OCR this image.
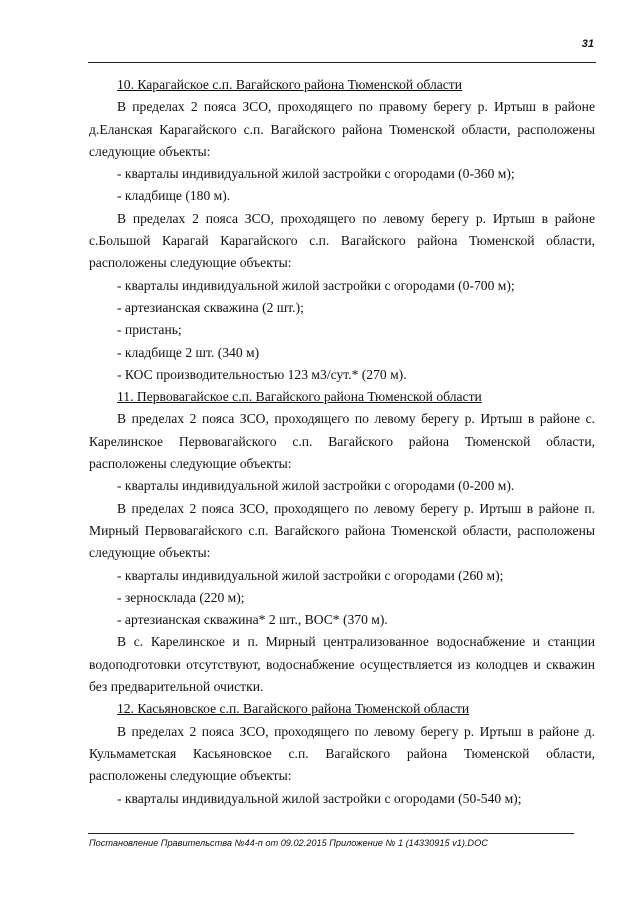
31

10. Карагайское с.п. Вагайского района Тюменской области

В пределах 2 пояса ЗСО, проходящего по правому берегу р. Иртыш в районе д.Еланская Карагайского с.п. Вагайского района Тюменской области, расположены следующие объекты:

- кварталы индивидуальной жилой застройки с огородами (0-360 м);

- кладбище (180 м).

В пределах 2 пояса ЗСО, проходящего по левому берегу р. Иртыш в районе с.Большой Карагай Карагайского с.п. Вагайского района Тюменской области, расположены следующие объекты:

- кварталы индивидуальной жилой застройки с огородами (0-700 м);

- артезианская скважина (2 шт.);

- пристань;

- кладбище 2 шт. (340 м)

- КОС производительностью 123 м3/сут.* (270 м).

11. Первовагайское с.п. Вагайского района Тюменской области

В пределах 2 пояса ЗСО, проходящего по левому берегу р. Иртыш в районе с. Карелинское Первовагайского с.п. Вагайского района Тюменской области, расположены следующие объекты:

- кварталы индивидуальной жилой застройки с огородами (0-200 м).

В пределах 2 пояса ЗСО, проходящего по левому берегу р. Иртыш в районе п. Мирный Первовагайского с.п. Вагайского района Тюменской области, расположены следующие объекты:

- кварталы индивидуальной жилой застройки с огородами (260 м);

- зерносклада (220 м);

- артезианская скважина* 2 шт., ВОС* (370 м).

В с. Карелинское и п. Мирный централизованное водоснабжение и станции водоподготовки отсутствуют, водоснабжение осуществляется из колодцев и скважин без предварительной очистки.

12. Касьяновское с.п. Вагайского района Тюменской области

В пределах 2 пояса ЗСО, проходящего по левому берегу р. Иртыш в районе д. Кульмаметская Касьяновское с.п. Вагайского района Тюменской области, расположены следующие объекты:

- кварталы индивидуальной жилой застройки с огородами (50-540 м);

Постановление Правительства №44-п от 09.02.2015 Приложение № 1 (14330915 v1).DOC
